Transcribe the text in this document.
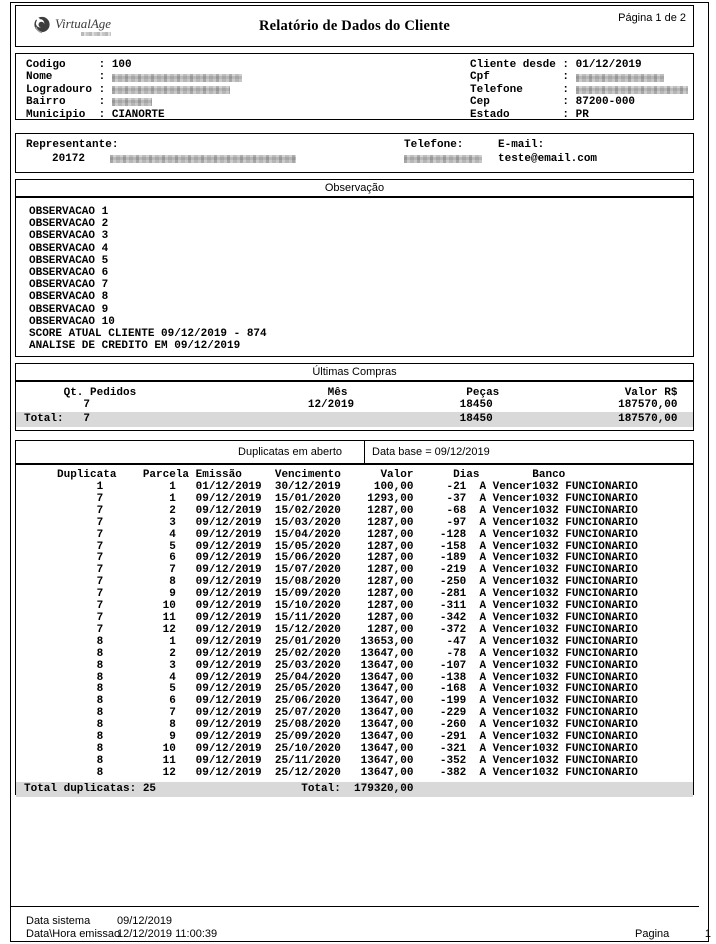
VirtualAge	Relatório de Dados do Cliente	Página 1 de 2
Codigo     : 100
Nome       :
Logradouro :
Bairro     :
Municipio  : CIANORTE
Cliente desde : 01/12/2019
Cpf           :
Telefone      :
Cep           : 87200-000
Estado        : PR
Representante:	Telefone:	E-mail:
20172	teste@email.com
Observação
OBSERVACAO 1
OBSERVACAO 2
OBSERVACAO 3
OBSERVACAO 4
OBSERVACAO 5
OBSERVACAO 6
OBSERVACAO 7
OBSERVACAO 8
OBSERVACAO 9
OBSERVACAO 10
SCORE ATUAL CLIENTE 09/12/2019 - 874
ANALISE DE CREDITO EM 09/12/2019
Últimas Compras
Qt. Pedidos                             Mês                  Peças                   Valor R$
7                                 12/2019                18450                   187570,00
Total:   7                                                        18450                   187570,00
Duplicatas em aberto	Data base = 09/12/2019
Duplicata    Parcela Emissão     Vencimento      Valor      Dias        Banco
1          1   01/12/2019  30/12/2019     100,00     -21  A Vencer1032 FUNCIONARIO
7          1   09/12/2019  15/01/2020    1293,00     -37  A Vencer1032 FUNCIONARIO
7          2   09/12/2019  15/02/2020    1287,00     -68  A Vencer1032 FUNCIONARIO
7          3   09/12/2019  15/03/2020    1287,00     -97  A Vencer1032 FUNCIONARIO
7          4   09/12/2019  15/04/2020    1287,00    -128  A Vencer1032 FUNCIONARIO
7          5   09/12/2019  15/05/2020    1287,00    -158  A Vencer1032 FUNCIONARIO
7          6   09/12/2019  15/06/2020    1287,00    -189  A Vencer1032 FUNCIONARIO
7          7   09/12/2019  15/07/2020    1287,00    -219  A Vencer1032 FUNCIONARIO
7          8   09/12/2019  15/08/2020    1287,00    -250  A Vencer1032 FUNCIONARIO
7          9   09/12/2019  15/09/2020    1287,00    -281  A Vencer1032 FUNCIONARIO
7         10   09/12/2019  15/10/2020    1287,00    -311  A Vencer1032 FUNCIONARIO
7         11   09/12/2019  15/11/2020    1287,00    -342  A Vencer1032 FUNCIONARIO
7         12   09/12/2019  15/12/2020    1287,00    -372  A Vencer1032 FUNCIONARIO
8          1   09/12/2019  25/01/2020   13653,00     -47  A Vencer1032 FUNCIONARIO
8          2   09/12/2019  25/02/2020   13647,00     -78  A Vencer1032 FUNCIONARIO
8          3   09/12/2019  25/03/2020   13647,00    -107  A Vencer1032 FUNCIONARIO
8          4   09/12/2019  25/04/2020   13647,00    -138  A Vencer1032 FUNCIONARIO
8          5   09/12/2019  25/05/2020   13647,00    -168  A Vencer1032 FUNCIONARIO
8          6   09/12/2019  25/06/2020   13647,00    -199  A Vencer1032 FUNCIONARIO
8          7   09/12/2019  25/07/2020   13647,00    -229  A Vencer1032 FUNCIONARIO
8          8   09/12/2019  25/08/2020   13647,00    -260  A Vencer1032 FUNCIONARIO
8          9   09/12/2019  25/09/2020   13647,00    -291  A Vencer1032 FUNCIONARIO
8         10   09/12/2019  25/10/2020   13647,00    -321  A Vencer1032 FUNCIONARIO
8         11   09/12/2019  25/11/2020   13647,00    -352  A Vencer1032 FUNCIONARIO
8         12   09/12/2019  25/12/2020   13647,00    -382  A Vencer1032 FUNCIONARIO
Total duplicatas: 25                      Total:  179320,00
Data sistema 09/12/2019
Data\Hora emissao
12/12/2019 11:00:39	Pagina	1
